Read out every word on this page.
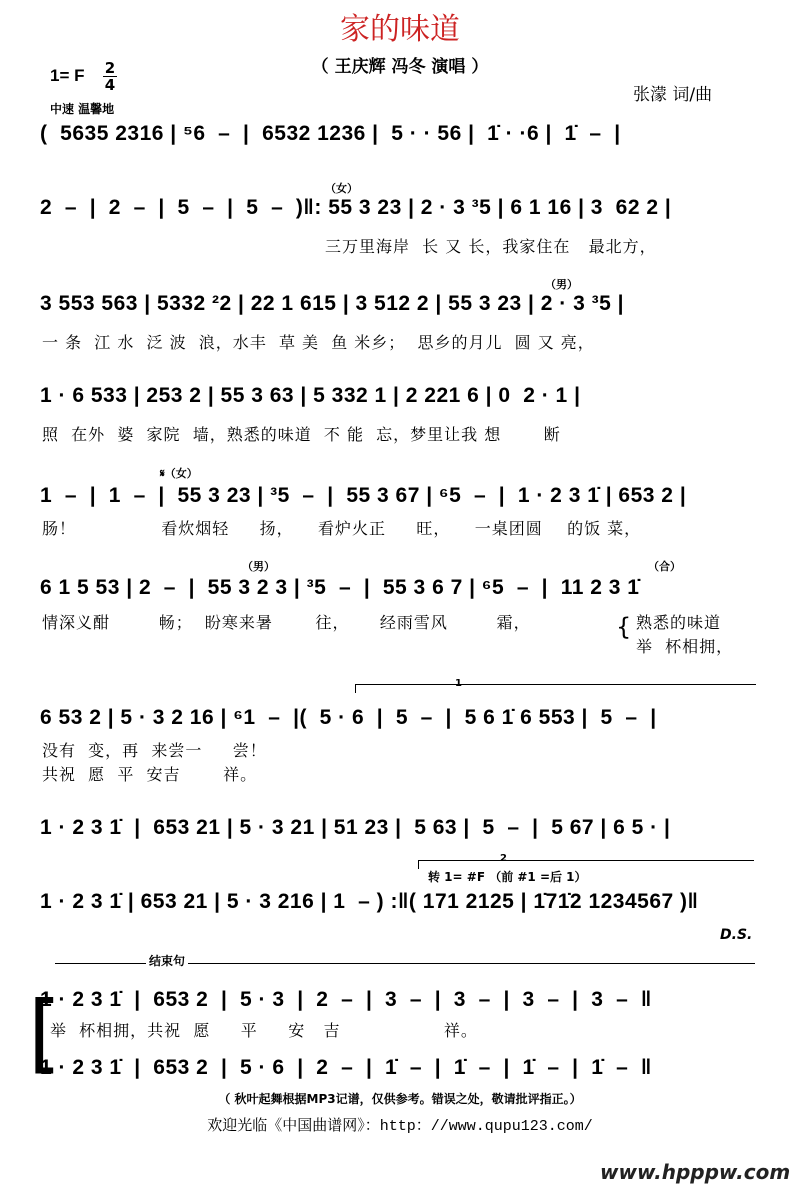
家的味道
（ 王庆辉 冯冬 演唱 ）
1= F $\frac{2}{4}$
中速 温馨地
张濛 词/曲
(  5635 2316 | ⁵6  –  |  6532 1236 |  5 · · 56 |  1̇ · ·6 |  1̇  –  |
（女）
2  –  |  2  –  |  5  –  |  5  –  )‖: 55 3 23 | 2 · 3 ³5 | 6 1 16 | 3  62 2 |
三万里海岸  长 又 长，我家住在   最北方，
（男）
3 553 563 | 5332 ²2 | 22 1 615 | 3 512 2 | 55 3 23 | 2 · 3 ³5 |
一 条  江 水  泛 波  浪，水丰  草 美  鱼 米乡；  思乡的月儿  圆 又 亮，
1 · 6 533 | 253 2 | 55 3 63 | 5 332 1 | 2 221 6 | 0  2 · 1 |
照  在外  婆  家院  墙，熟悉的味道  不 能  忘，梦里让我 想       断
𝄋（女）
1  –  |  1  –  |  55 3 23 | ³5  –  |  55 3 67 | ⁶5  –  |  1 · 2 3 1̇ | 653 2 |
肠！              看炊烟轻     扬，    看炉火正     旺，    一桌团圆    的饭 菜，
（男）	（合）
6 1 5 53 | 2  –  |  55 3 2 3 | ³5  –  |  55 3 6 7 | ⁶5  –  |  11 2 3 1̇
情深义酣        畅；  盼寒来暑       往，     经雨雪风        霜，	{ 熟悉的味道
举  杯相拥，
1
6 53 2 | 5 · 3 2 16 | ⁶1  –  |(  5 · 6  |  5  –  |  5 6 1̇ 6 553 |  5  –  |
没有  变，再  来尝一     尝！
共祝  愿  平  安吉       祥。
1 · 2 3 1̇  |  653 21 | 5 · 3 21 | 51 23 |  5 63 |  5  –  |  5 67 | 6 5 · |
2
转 1= #F （前 #1 =后 1）
1 · 2 3 1̇ | 653 21 | 5 · 3 216 | 1  – ) :‖( 171 2125 | 1̇71̇2 1234567 )‖
D.S.
结束句
[
1 · 2 3 1̇  |  653 2  |  5 · 3  |  2  –  |  3  –  |  3  –  |  3  –  |  3  –  ‖
举  杯相拥，共祝  愿     平     安   吉                 祥。
1 · 2 3 1̇  |  653 2  |  5 · 6  |  2  –  |  1̇  –  |  1̇  –  |  1̇  –  |  1̇  –  ‖
（ 秋叶起舞根据MP3记谱，仅供参考。错误之处，敬请批评指正。）
欢迎光临《中国曲谱网》：http：//www.qupu123.com/
www.hpppw.com
